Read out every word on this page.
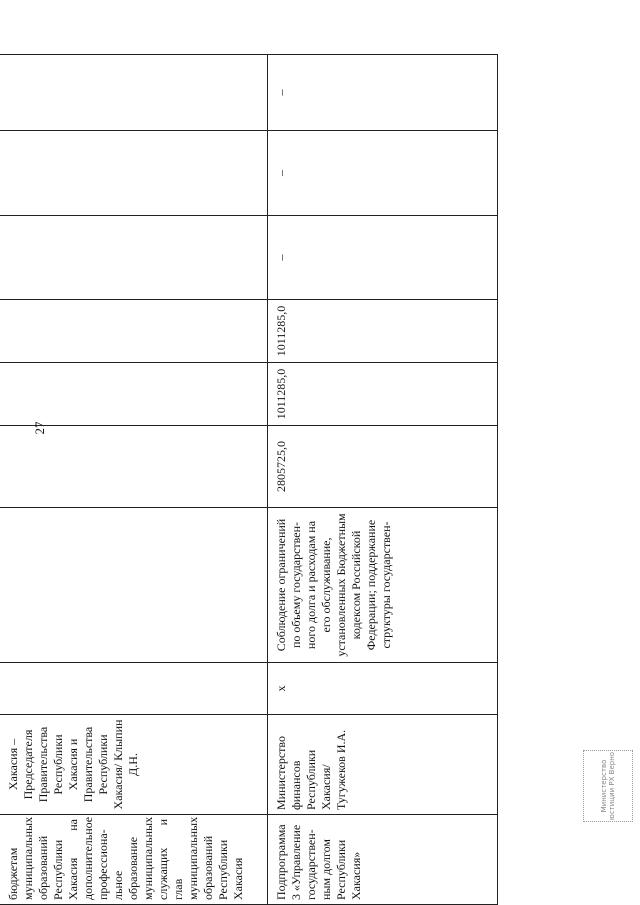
27
бюджетам муниципальных образований Республики Хакасия на дополнительное профессиона-льное образование муниципальных служащих и глав муниципальных образований Республики Хакасия	Хакасия – Председателя Правительства Республики Хакасия и Правительства Республики Хакасия/ Клыпин Д.Н.								
Подпрограмма 3 «Управление государствен-ным долгом Республики Хакасия»	Министерство финансов Республики Хакасия/ Тугужеков И.А.	x	Соблюдение ограничений по объему государствен-ного долга и расходам на его обслуживание, установленных Бюджетным кодексом Российской Федерации; поддержание структуры государствен-	2805725,0	1011285,0	1011285,0	–	–	–
Министерство юстиции РХ Верно
